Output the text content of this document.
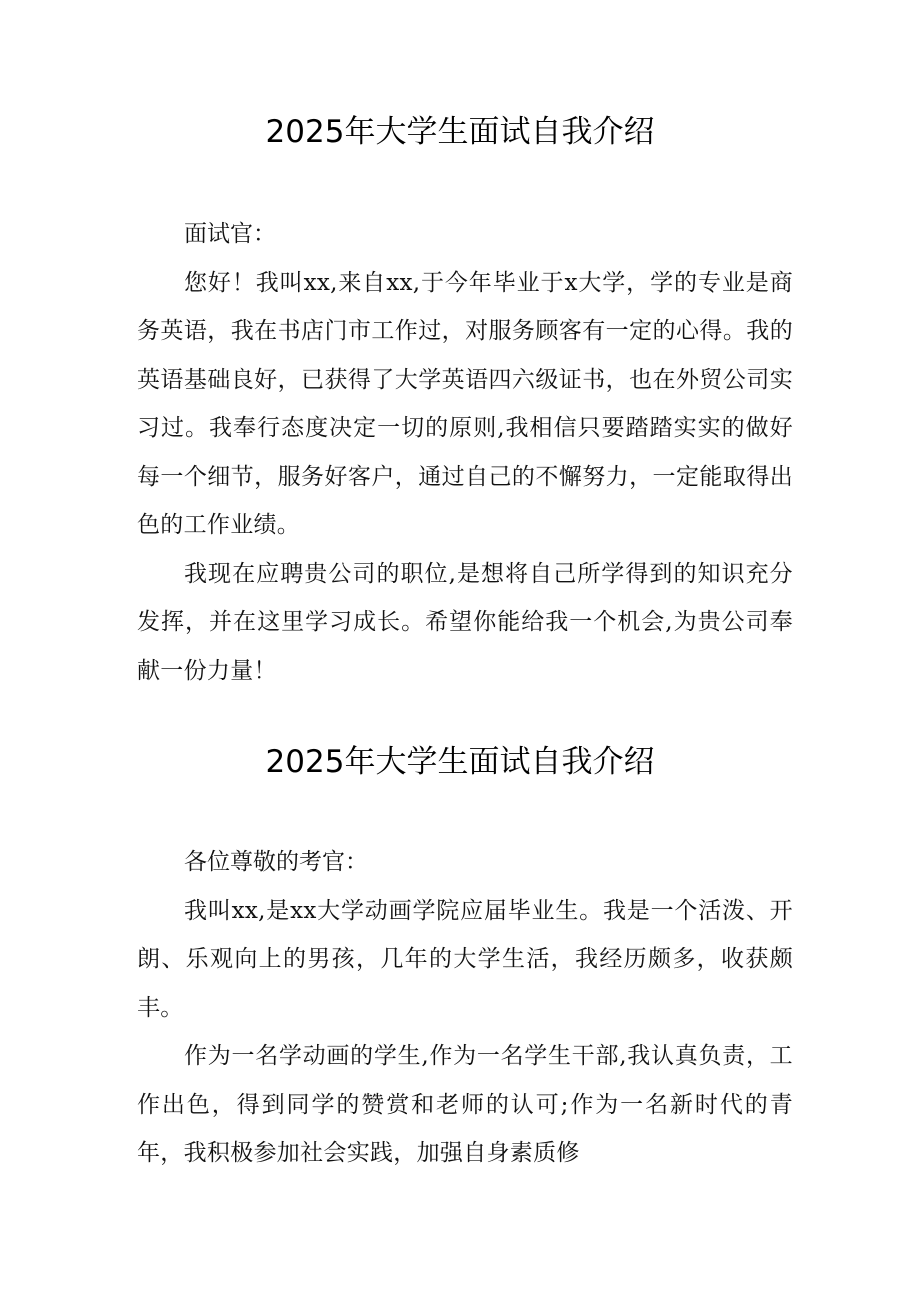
2025年大学生面试自我介绍

面试官：

您好！我叫xx,来自xx,于今年毕业于x大学，学的专业是商务英语，我在书店门市工作过，对服务顾客有一定的心得。我的英语基础良好，已获得了大学英语四六级证书，也在外贸公司实习过。我奉行态度决定一切的原则,我相信只要踏踏实实的做好每一个细节，服务好客户，通过自己的不懈努力，一定能取得出色的工作业绩。

我现在应聘贵公司的职位,是想将自己所学得到的知识充分发挥，并在这里学习成长。希望你能给我一个机会,为贵公司奉献一份力量！

2025年大学生面试自我介绍

各位尊敬的考官：

我叫xx,是xx大学动画学院应届毕业生。我是一个活泼、开朗、乐观向上的男孩，几年的大学生活，我经历颇多，收获颇丰。

作为一名学动画的学生,作为一名学生干部,我认真负责，工作出色，得到同学的赞赏和老师的认可;作为一名新时代的青年，我积极参加社会实践，加强自身素质修
